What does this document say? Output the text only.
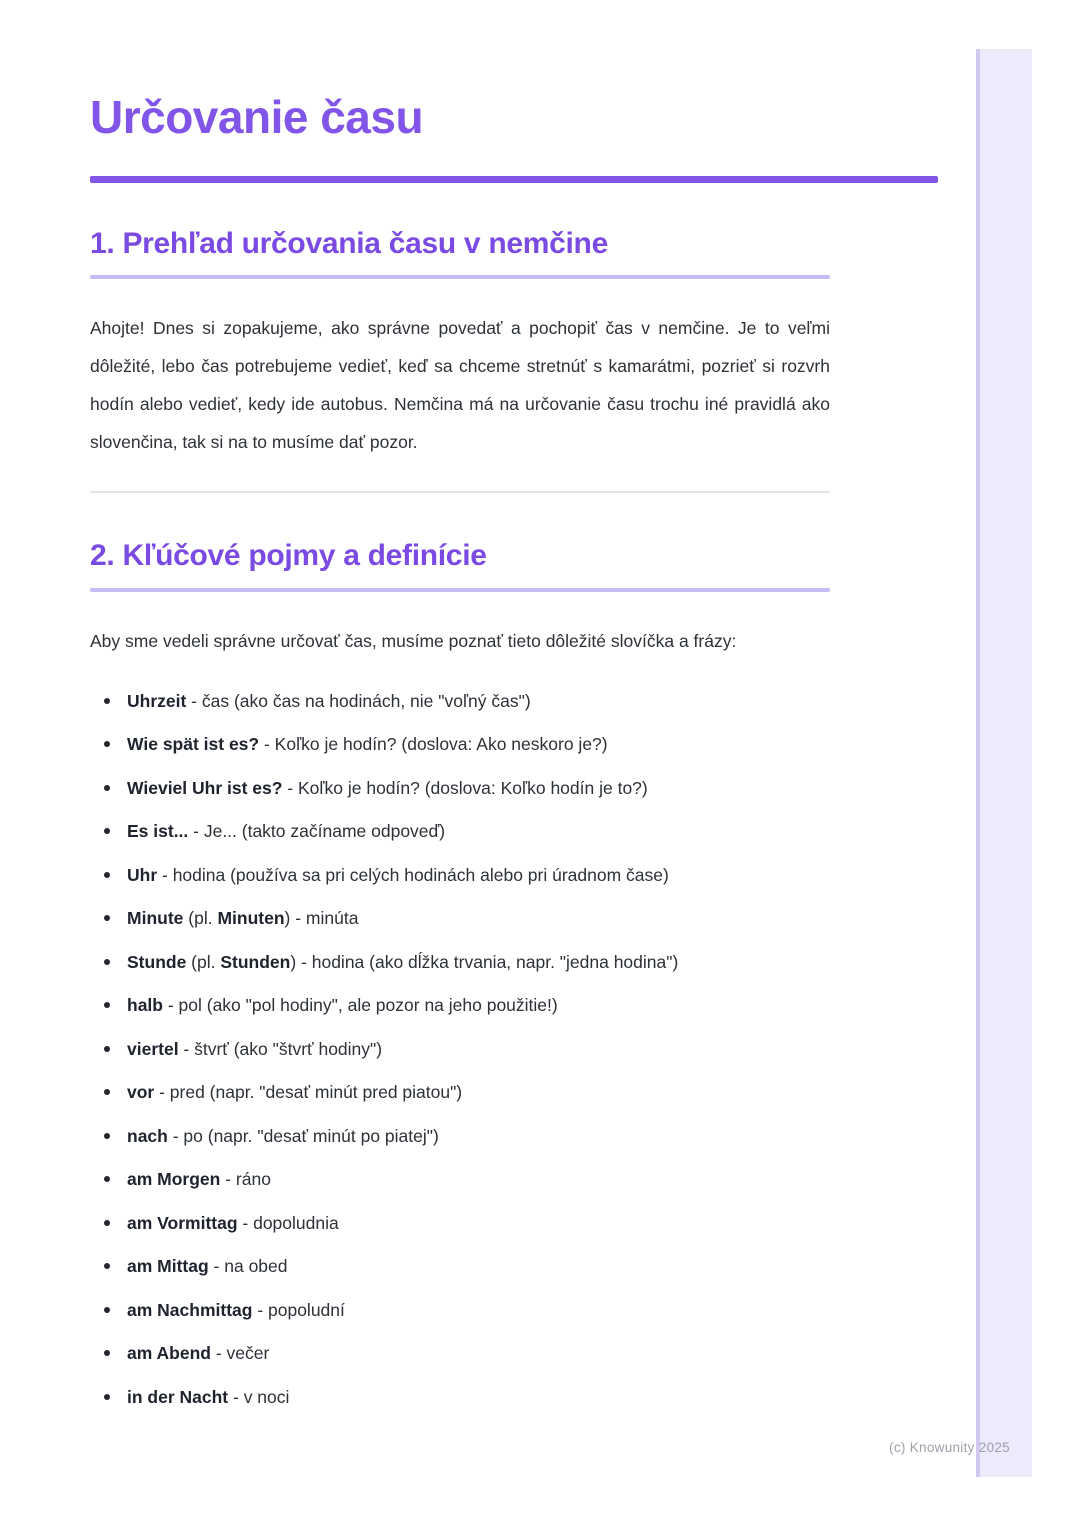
Určovanie času
1. Prehľad určovania času v nemčine

Ahojte! Dnes si zopakujeme, ako správne povedať a pochopiť čas v nemčine. Je to veľmi dôležité, lebo čas potrebujeme vedieť, keď sa chceme stretnúť s kamarátmi, pozrieť si rozvrh hodín alebo vedieť, kedy ide autobus. Nemčina má na určovanie času trochu iné pravidlá ako slovenčina, tak si na to musíme dať pozor.

2. Kľúčové pojmy a definície

Aby sme vedeli správne určovať čas, musíme poznať tieto dôležité slovíčka a frázy:

Uhrzeit - čas (ako čas na hodinách, nie "voľný čas")
Wie spät ist es? - Koľko je hodín? (doslova: Ako neskoro je?)
Wieviel Uhr ist es? - Koľko je hodín? (doslova: Koľko hodín je to?)
Es ist... - Je... (takto začíname odpoveď)
Uhr - hodina (používa sa pri celých hodinách alebo pri úradnom čase)
Minute (pl. Minuten) - minúta
Stunde (pl. Stunden) - hodina (ako dĺžka trvania, napr. "jedna hodina")
halb - pol (ako "pol hodiny", ale pozor na jeho použitie!)
viertel - štvrť (ako "štvrť hodiny")
vor - pred (napr. "desať minút pred piatou")
nach - po (napr. "desať minút po piatej")
am Morgen - ráno
am Vormittag - dopoludnia
am Mittag - na obed
am Nachmittag - popoludní
am Abend - večer
in der Nacht - v noci
(c) Knowunity 2025
